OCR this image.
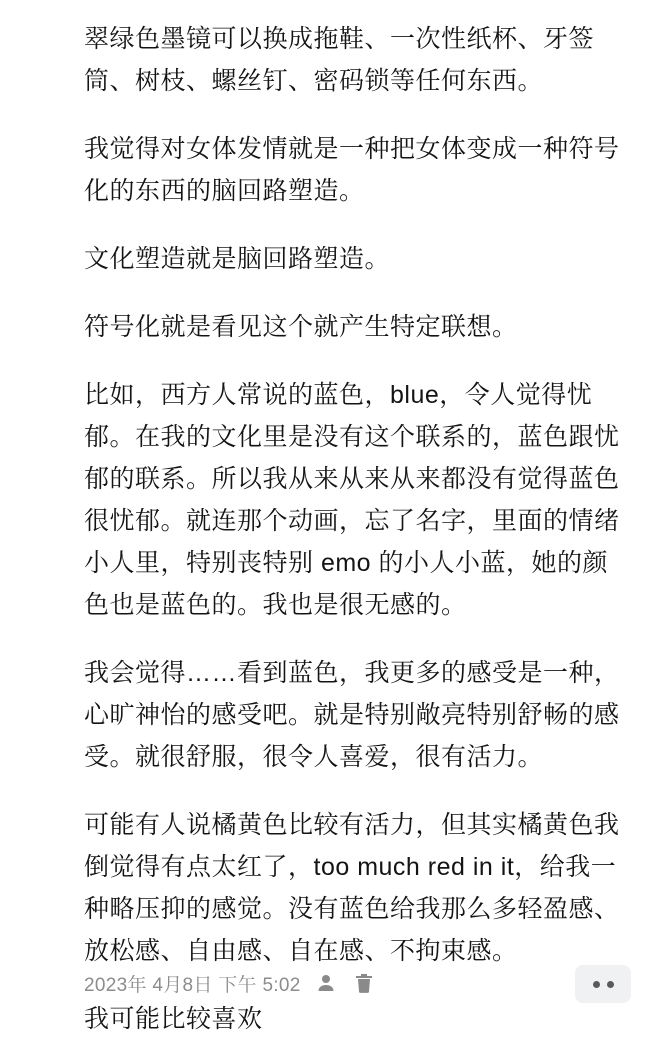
翠绿色墨镜可以换成拖鞋、一次性纸杯、牙签筒、树枝、螺丝钉、密码锁等任何东西。

我觉得对女体发情就是一种把女体变成一种符号化的东西的脑回路塑造。

文化塑造就是脑回路塑造。

符号化就是看见这个就产生特定联想。

比如，西方人常说的蓝色，blue，令人觉得忧郁。在我的文化里是没有这个联系的，蓝色跟忧郁的联系。所以我从来从来从来都没有觉得蓝色很忧郁。就连那个动画，忘了名字，里面的情绪小人里，特别丧特别 emo 的小人小蓝，她的颜色也是蓝色的。我也是很无感的。

我会觉得……看到蓝色，我更多的感受是一种，心旷神怡的感受吧。就是特别敞亮特别舒畅的感受。就很舒服，很令人喜爱，很有活力。

可能有人说橘黄色比较有活力，但其实橘黄色我倒觉得有点太红了，too much red in it，给我一种略压抑的感觉。没有蓝色给我那么多轻盈感、放松感、自由感、自在感、不拘束感。

我可能比较喜欢

2023年 4月8日 下午 5:02
